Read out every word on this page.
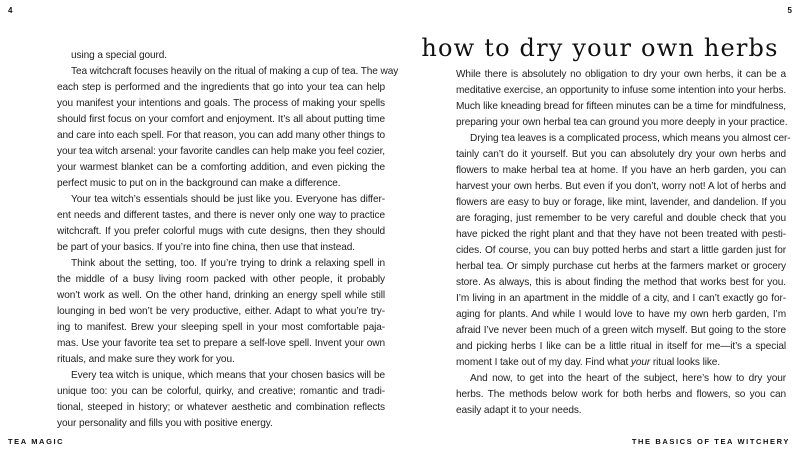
4
using a special gourd.
Tea witchcraft focuses heavily on the ritual of making a cup of tea. The way
each step is performed and the ingredients that go into your tea can help
you manifest your intentions and goals. The process of making your spells
should first focus on your comfort and enjoyment. It’s all about putting time
and care into each spell. For that reason, you can add many other things to
your tea witch arsenal: your favorite candles can help make you feel cozier,
your warmest blanket can be a comforting addition, and even picking the
perfect music to put on in the background can make a difference.
Your tea witch’s essentials should be just like you. Everyone has differ-
ent needs and different tastes, and there is never only one way to practice
witchcraft. If you prefer colorful mugs with cute designs, then they should
be part of your basics. If you’re into fine china, then use that instead.
Think about the setting, too. If you’re trying to drink a relaxing spell in
the middle of a busy living room packed with other people, it probably
won’t work as well. On the other hand, drinking an energy spell while still
lounging in bed won’t be very productive, either. Adapt to what you’re try-
ing to manifest. Brew your sleeping spell in your most comfortable paja-
mas. Use your favorite tea set to prepare a self-love spell. Invent your own
rituals, and make sure they work for you.
Every tea witch is unique, which means that your chosen basics will be
unique too: you can be colorful, quirky, and creative; romantic and tradi-
tional, steeped in history; or whatever aesthetic and combination reflects
your personality and fills you with positive energy.
TEA MAGIC
5
how to dry your own herbs
While there is absolutely no obligation to dry your own herbs, it can be a
meditative exercise, an opportunity to infuse some intention into your herbs.
Much like kneading bread for fifteen minutes can be a time for mindfulness,
preparing your own herbal tea can ground you more deeply in your practice.
Drying tea leaves is a complicated process, which means you almost cer-
tainly can’t do it yourself. But you can absolutely dry your own herbs and
flowers to make herbal tea at home. If you have an herb garden, you can
harvest your own herbs. But even if you don’t, worry not! A lot of herbs and
flowers are easy to buy or forage, like mint, lavender, and dandelion. If you
are foraging, just remember to be very careful and double check that you
have picked the right plant and that they have not been treated with pesti-
cides. Of course, you can buy potted herbs and start a little garden just for
herbal tea. Or simply purchase cut herbs at the farmers market or grocery
store. As always, this is about finding the method that works best for you.
I’m living in an apartment in the middle of a city, and I can’t exactly go for-
aging for plants. And while I would love to have my own herb garden, I’m
afraid I’ve never been much of a green witch myself. But going to the store
and picking herbs I like can be a little ritual in itself for me—it’s a special
moment I take out of my day. Find what your ritual looks like.
And now, to get into the heart of the subject, here’s how to dry your
herbs. The methods below work for both herbs and flowers, so you can
easily adapt it to your needs.
THE BASICS OF TEA WITCHERY
